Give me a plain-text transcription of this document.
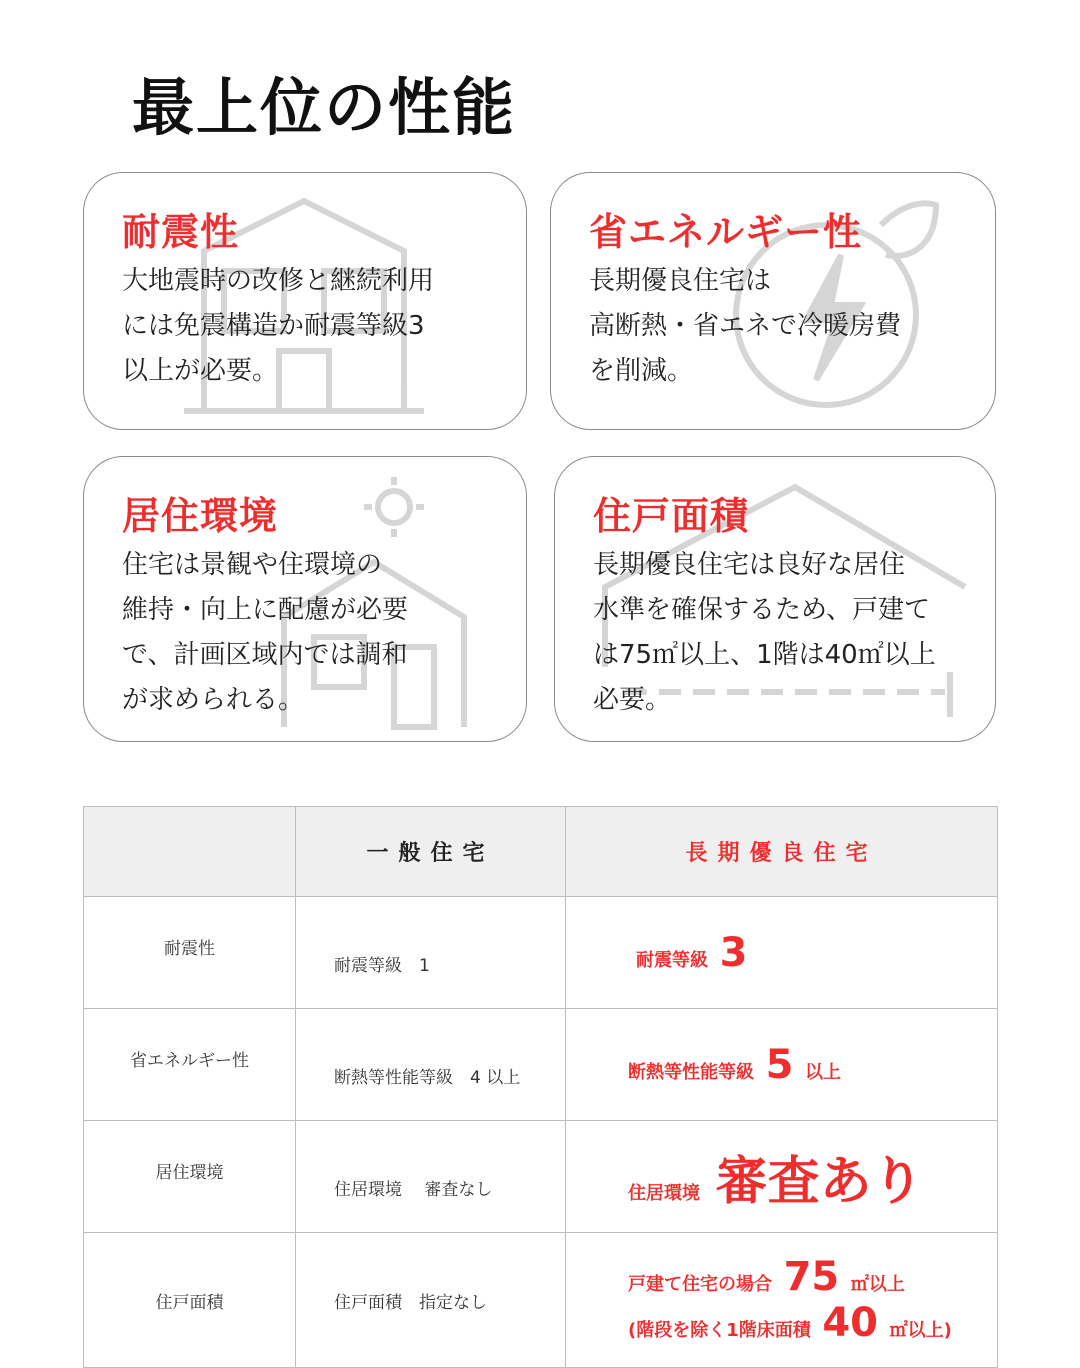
最上位の性能
耐震性
大地震時の改修と継続利用
には免震構造か耐震等級3
以上が必要。
省エネルギー性
長期優良住宅は
高断熱・省エネで冷暖房費
を削減。
居住環境
住宅は景観や住環境の
維持・向上に配慮が必要
で、計画区域内では調和
が求められる。
住戸面積
長期優良住宅は良好な居住
水準を確保するため、戸建て
は75㎡以上、1階は40㎡以上
必要。
	一般住宅	長期優良住宅
耐震性	耐震等級　1	耐震等級 3
省エネルギー性	断熱等性能等級　4 以上	断熱等性能等級 5 以上
居住環境	住居環境　 審査なし	住居環境 審査あり
住戸面積	住戸面積　指定なし	戸建て住宅の場合 75 ㎡以上
(階段を除く1階床面積 40 ㎡以上)
